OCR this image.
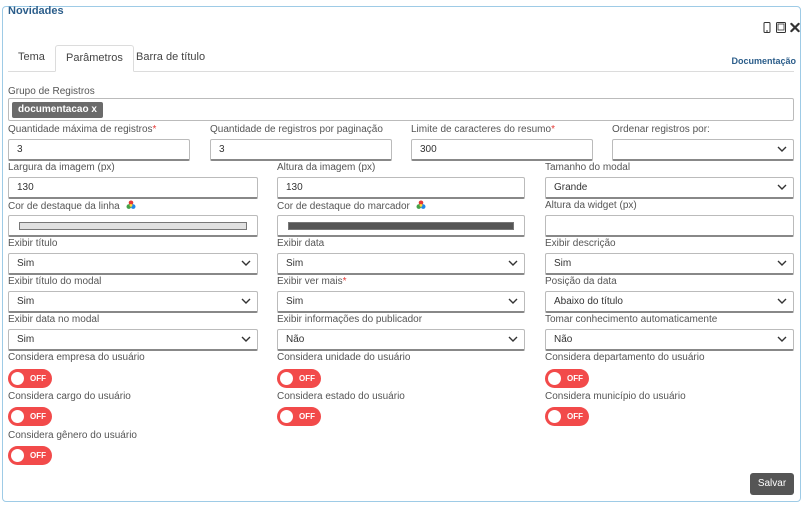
Novidades
Tema	Parâmetros	Barra de título	Documentação
Grupo de Registros
documentacao x
Quantidade máxima de registros*
3
Quantidade de registros por paginação
3
Limite de caracteres do resumo*
300
Ordenar registros por:
Largura da imagem (px)
130
Altura da imagem (px)
130
Tamanho do modal
Grande
Cor de destaque da linha	Cor de destaque do marcador	Altura da widget (px)
Exibir título
Sim
Exibir data
Sim
Exibir descrição
Sim
Exibir título do modal
Sim
Exibir ver mais*
Sim
Posição da data
Abaixo do título
Exibir data no modal
Sim
Exibir informações do publicador
Não
Tomar conhecimento automaticamente
Não
Considera empresa do usuário
OFF
Considera unidade do usuário
OFF
Considera departamento do usuário
OFF
Considera cargo do usuário
OFF
Considera estado do usuário
OFF
Considera município do usuário
OFF
Considera gênero do usuário
OFF
Salvar
